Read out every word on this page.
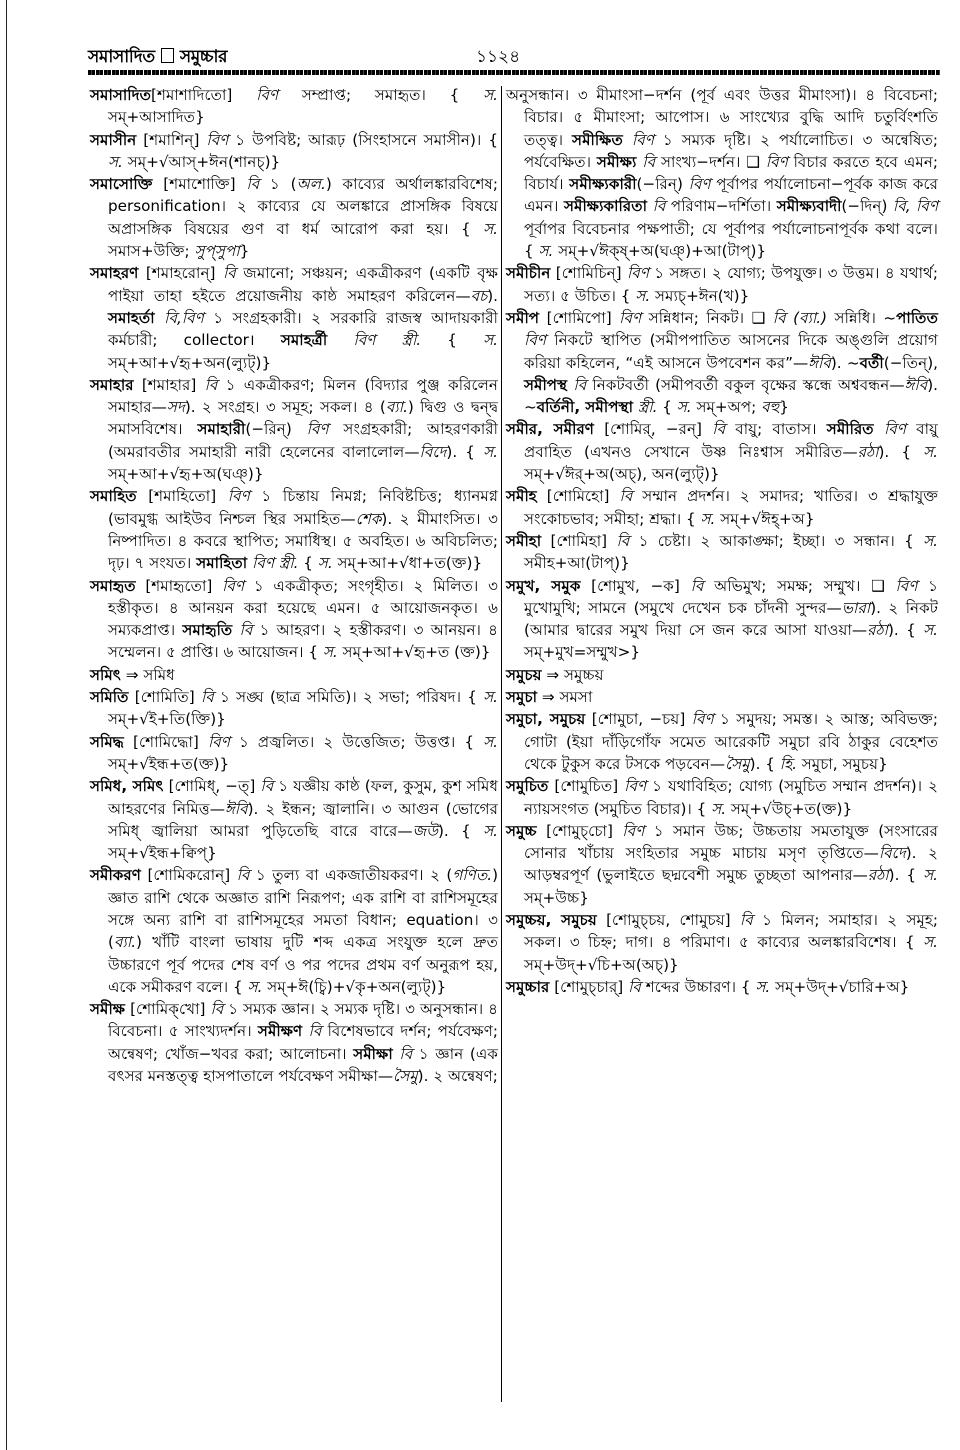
সমাসাদিত সমুচ্চার	১১২৪

সমাসাদিত[শমাশাদিতো] বিণ সম্প্রাপ্ত; সমাহৃত। { স. সম্+আসাদিত}

সমাসীন [শমাশিন্] বিণ ১ উপবিষ্ট; আরূঢ় (সিংহাসনে সমাসীন)। { স. সম্+√আস্+ঈন(শানচ্)}

সমাসোক্তি [শমাশোক্তি] বি ১ (অল.) কাব্যের অর্থালঙ্কারবিশেষ; personification। ২ কাব্যের যে অলঙ্কারে প্রাসঙ্গিক বিষয়ে অপ্রাসঙ্গিক বিষয়ের গুণ বা ধর্ম আরোপ করা হয়। { স. সমাস+উক্তি; সুপ্‌সুপা}

সমাহরণ [শমাহরোন্] বি জমানো; সঞ্চয়ন; একত্রীকরণ (একটি বৃক্ষ পাইয়া তাহা হইতে প্রয়োজনীয় কাষ্ঠ সমাহরণ করিলেন—বচ). সমাহর্তা বি,বিণ ১ সংগ্রহকারী। ২ সরকারি রাজস্ব আদায়কারী কর্মচারী; collector। সমাহর্ত্রী বিণ স্ত্রী. { স. সম্+আ+√হৃ+অন(ল্যুট্)}

সমাহার [শমাহার] বি ১ একত্রীকরণ; মিলন (বিদ্যার পুঞ্জ করিলেন সমাহার—সদ). ২ সংগ্রহ। ৩ সমূহ; সকল। ৪ (ব্যা.) দ্বিগু ও দ্বন্দ্ব সমাসবিশেষ। সমাহারী(−রিন্) বিণ সংগ্রহকারী; আহরণকারী (অমরাবতীর সমাহারী নারী হেলেনের বালালোল—বিদে). { স. সম্+আ+√হৃ+অ(ঘঞ্)}

সমাহিত [শমাহিতো] বিণ ১ চিন্তায় নিমগ্ন; নিবিষ্টচিত্ত; ধ্যানমগ্ন (ভাবমুগ্ধ আইউব নিশ্চল স্থির সমাহিত—শেক). ২ মীমাংসিত। ৩ নিষ্পাদিত। ৪ কবরে স্থাপিত; সমাধিস্থ। ৫ অবহিত। ৬ অবিচলিত; দৃঢ়। ৭ সংযত। সমাহিতা বিণ স্ত্রী. { স. সম্+আ+√ধা+ত(ক্ত)}

সমাহৃত [শমাহৃতো] বিণ ১ একত্রীকৃত; সংগৃহীত। ২ মিলিত। ৩ হস্তীকৃত। ৪ আনয়ন করা হয়েছে এমন। ৫ আয়োজনকৃত। ৬ সম্যকপ্রাপ্ত। সমাহৃতি বি ১ আহরণ। ২ হস্তীকরণ। ৩ আনয়ন। ৪ সম্মেলন। ৫ প্রাপ্তি। ৬ আয়োজন। { স. সম্+আ+√হৃ+ত (ক্ত)}

সমিৎ ⇒ সমিধ

সমিতি [শোমিতি] বি ১ সঙ্ঘ (ছাত্র সমিতি)। ২ সভা; পরিষদ। { স. সম্+√ই+তি(ক্তি)}

সমিদ্ধ [শোমিদ্ধো] বিণ ১ প্রজ্বলিত। ২ উত্তেজিত; উত্তপ্ত। { স. সম্+√ইন্ধ+ত(ক্ত)}

সমিধ, সমিৎ [শোমিধ্, −ত্] বি ১ যজ্ঞীয় কাষ্ঠ (ফল, কুসুম, কুশ সমিধ আহরণের নিমিত্ত—ঈবি). ২ ইন্ধন; জ্বালানি। ৩ আগুন (ভোগের সমিধ্ জ্বালিয়া আমরা পুড়িতেছি বারে বারে—জউ). { স. সম্+√ইন্ধ+ক্বিপ্}

সমীকরণ [শোমিকরোন্] বি ১ তুল্য বা একজাতীয়করণ। ২ (গণিত.) জ্ঞাত রাশি থেকে অজ্ঞাত রাশি নিরূপণ; এক রাশি বা রাশিসমূহের সঙ্গে অন্য রাশি বা রাশিসমূহের সমতা বিধান; equation। ৩ (ব্যা.) খাঁটি বাংলা ভাষায় দুটি শব্দ একত্র সংযুক্ত হলে দ্রুত উচ্চারণে পূর্ব পদের শেষ বর্ণ ও পর পদের প্রথম বর্ণ অনুরূপ হয়, একে সমীকরণ বলে। { স. সম্+ঈ(চ্বি)+√কৃ+অন(ল্যুট্)}

সমীক্ষ [শোমিক্‌খো] বি ১ সম্যক জ্ঞান। ২ সম্যক দৃষ্টি। ৩ অনুসন্ধান। ৪ বিবেচনা। ৫ সাংখ্যদর্শন। সমীক্ষণ বি বিশেষভাবে দর্শন; পর্যবেক্ষণ; অন্বেষণ; খোঁজ−খবর করা; আলোচনা। সমীক্ষা বি ১ জ্ঞান (এক বৎসর মনস্তত্ত্ব হাসপাতালে পর্যবেক্ষণ সমীক্ষা—সৈমু). ২ অন্বেষণ;

অনুসন্ধান। ৩ মীমাংসা−দর্শন (পূর্ব এবং উত্তর মীমাংসা)। ৪ বিবেচনা; বিচার। ৫ মীমাংসা; আপোস। ৬ সাংখ্যের বুদ্ধি আদি চতুর্বিংশতি তত্ত্ব। সমীক্ষিত বিণ ১ সম্যক দৃষ্টি। ২ পর্যালোচিত। ৩ অন্বেষিত; পর্যবেক্ষিত। সমীক্ষ্য বি সাংখ্য−দর্শন। ❑ বিণ বিচার করতে হবে এমন; বিচার্য। সমীক্ষ্যকারী(−রিন্) বিণ পূর্বাপর পর্যালোচনা−পূর্বক কাজ করে এমন। সমীক্ষ্যকারিতা বি পরিণাম−দর্শিতা। সমীক্ষ্যবাদী(−দিন্) বি, বিণ পূর্বাপর বিবেচনার পক্ষপাতী; যে পূর্বাপর পর্যালোচনাপূর্বক কথা বলে। { স. সম্+√ঈক্ষ্+অ(ঘঞ্)+আ(টাপ্)}

সমীচীন [শোমিচিন্] বিণ ১ সঙ্গত। ২ যোগ্য; উপযুক্ত। ৩ উত্তম। ৪ যথার্থ; সত্য। ৫ উচিত। { স. সম্যচ্+ঈন(খ)}

সমীপ [শোমিপো] বিণ সন্নিধান; নিকট। ❑ বি (ব্যা.) সন্নিধি। ~পাতিত বিণ নিকটে স্থাপিত (সমীপপাতিত আসনের দিকে অঙ্গুলি প্রয়োগ করিয়া কহিলেন, “এই আসনে উপবেশন কর”—ঈবি). ~বর্তী(−তিন্), সমীপস্থ বি নিকটবর্তী (সমীপবর্তী বকুল বৃক্ষের স্কন্ধে অশ্ববন্ধন—ঈবি). ~বর্তিনী, সমীপস্থা স্ত্রী. { স. সম্+অপ; বহু}

সমীর, সমীরণ [শোমির্, −রন্] বি বায়ু; বাতাস। সমীরিত বিণ বায়ু প্রবাহিত (এখনও সেখানে উষ্ণ নিঃশ্বাস সমীরিত—রঠা). { স. সম্+√ঈর্+অ(অচ্), অন(ল্যুট্)}

সমীহ [শোমিহো] বি সম্মান প্রদর্শন। ২ সমাদর; খাতির। ৩ শ্রদ্ধাযুক্ত সংকোচভাব; সমীহা; শ্রদ্ধা। { স. সম্+√ঈহ্+অ}

সমীহা [শোমিহা] বি ১ চেষ্টা। ২ আকাঙ্ক্ষা; ইচ্ছা। ৩ সন্ধান। { স. সমীহ+আ(টাপ্)}

সমুখ, সমুক [শোমুখ, −ক] বি অভিমুখ; সমক্ষ; সম্মুখ। ❑ বিণ ১ মুখোমুখি; সামনে (সমুখে দেখেন চক চাঁদনী সুন্দর—ভারা). ২ নিকট (আমার দ্বারের সমুখ দিয়া সে জন করে আসা যাওয়া—রঠা). { স. সম্+মুখ=সম্মুখ>}

সমুচয় ⇒ সমুচ্চয়

সমুচা ⇒ সমসা

সমুচা, সমুচয় [শোমুচা, −চয়] বিণ ১ সমুদয়; সমস্ত। ২ আস্ত; অবিভক্ত; গোটা (ইয়া দাঁড়িগোঁফ সমেত আরেকটি সমুচা রবি ঠাকুর বেহেশত থেকে টুকুস করে টসকে পড়বেন—সৈমু). { হি. সমুচা, সমুচয়}

সমুচিত [শোমুচিত] বিণ ১ যথাবিহিত; যোগ্য (সমুচিত সম্মান প্রদর্শন)। ২ ন্যায়সংগত (সমুচিত বিচার)। { স. সম্+√উচ্+ত(ক্ত)}

সমুচ্চ [শোমুচ্‌চো] বিণ ১ সমান উচ্চ; উচ্চতায় সমতাযুক্ত (সংসারের সোনার খাঁচায় সংহিতার সমুচ্চ মাচায় মসৃণ তৃপ্তিতে—বিদে). ২ আড়ম্বরপূর্ণ (ভুলাইতে ছদ্মবেশী সমুচ্চ তুচ্ছতা আপনার—রঠা). { স. সম্+উচ্চ}

সমুচ্চয়, সমুচয় [শোমুচ্‌চয়, শোমুচয়] বি ১ মিলন; সমাহার। ২ সমূহ; সকল। ৩ চিহ্ন; দাগ। ৪ পরিমাণ। ৫ কাব্যের অলঙ্কারবিশেষ। { স. সম্+উদ্+√চি+অ(অচ্)}

সমুচ্চার [শোমুচ্‌চার্] বি শব্দের উচ্চারণ। { স. সম্+উদ্+√চারি+অ}
